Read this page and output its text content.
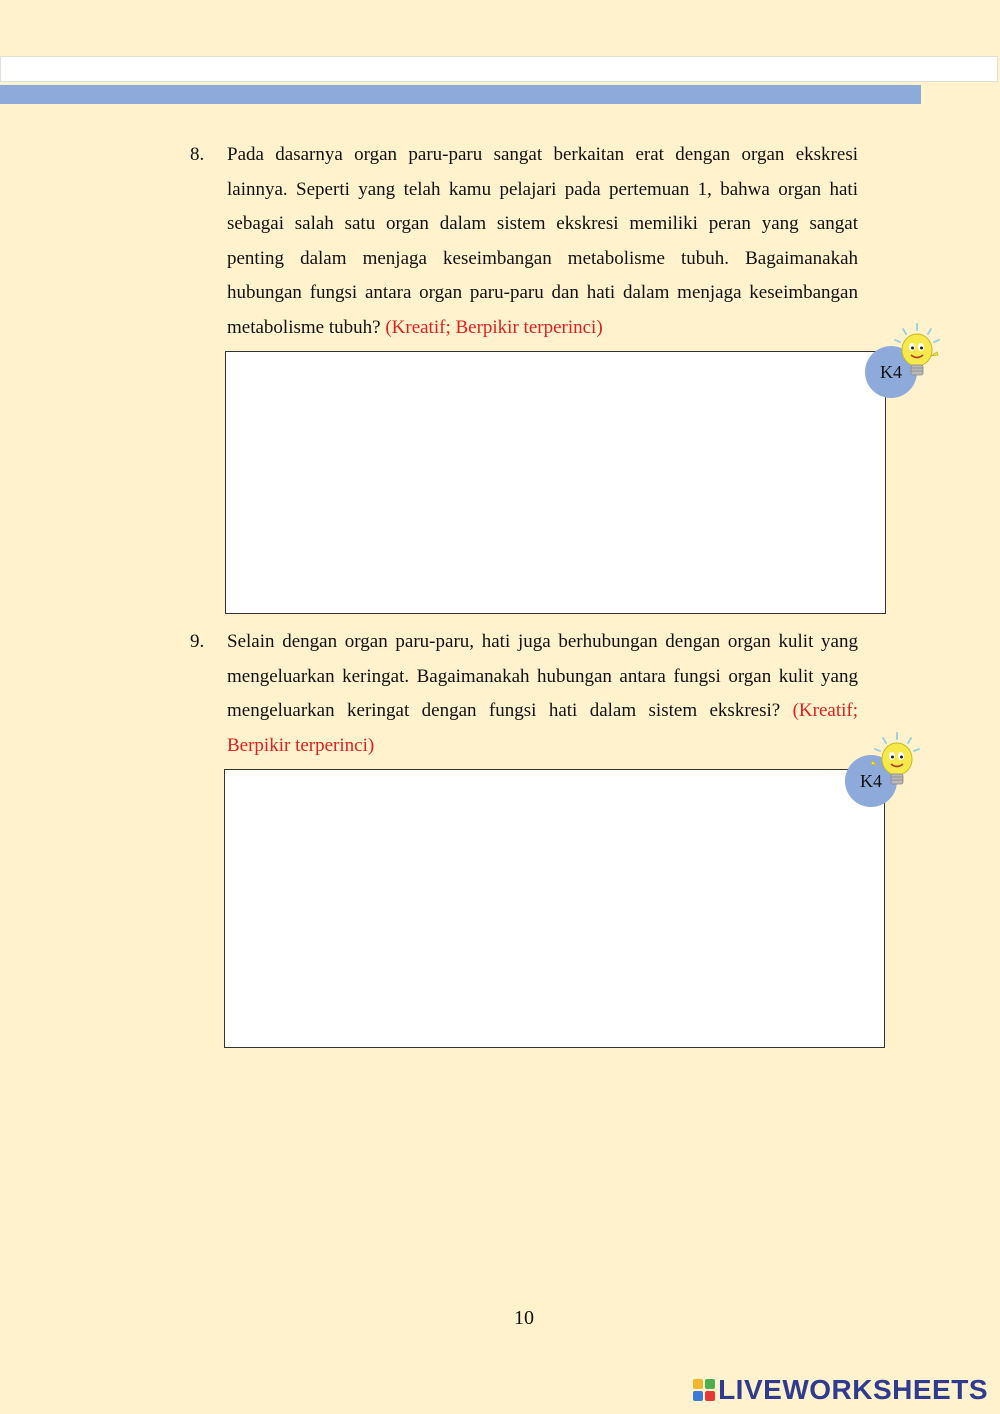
8. Pada dasarnya organ paru-paru sangat berkaitan erat dengan organ ekskresi lainnya. Seperti yang telah kamu pelajari pada pertemuan 1, bahwa organ hati sebagai salah satu organ dalam sistem ekskresi memiliki peran yang sangat penting dalam menjaga keseimbangan metabolisme tubuh. Bagaimanakah hubungan fungsi antara organ paru-paru dan hati dalam menjaga keseimbangan metabolisme tubuh? (Kreatif; Berpikir terperinci)
K4
9. Selain dengan organ paru-paru, hati juga berhubungan dengan organ kulit yang mengeluarkan keringat. Bagaimanakah hubungan antara fungsi organ kulit yang mengeluarkan keringat dengan fungsi hati dalam sistem ekskresi? (Kreatif; Berpikir terperinci)
K4
10
LIVEWORKSHEETS
